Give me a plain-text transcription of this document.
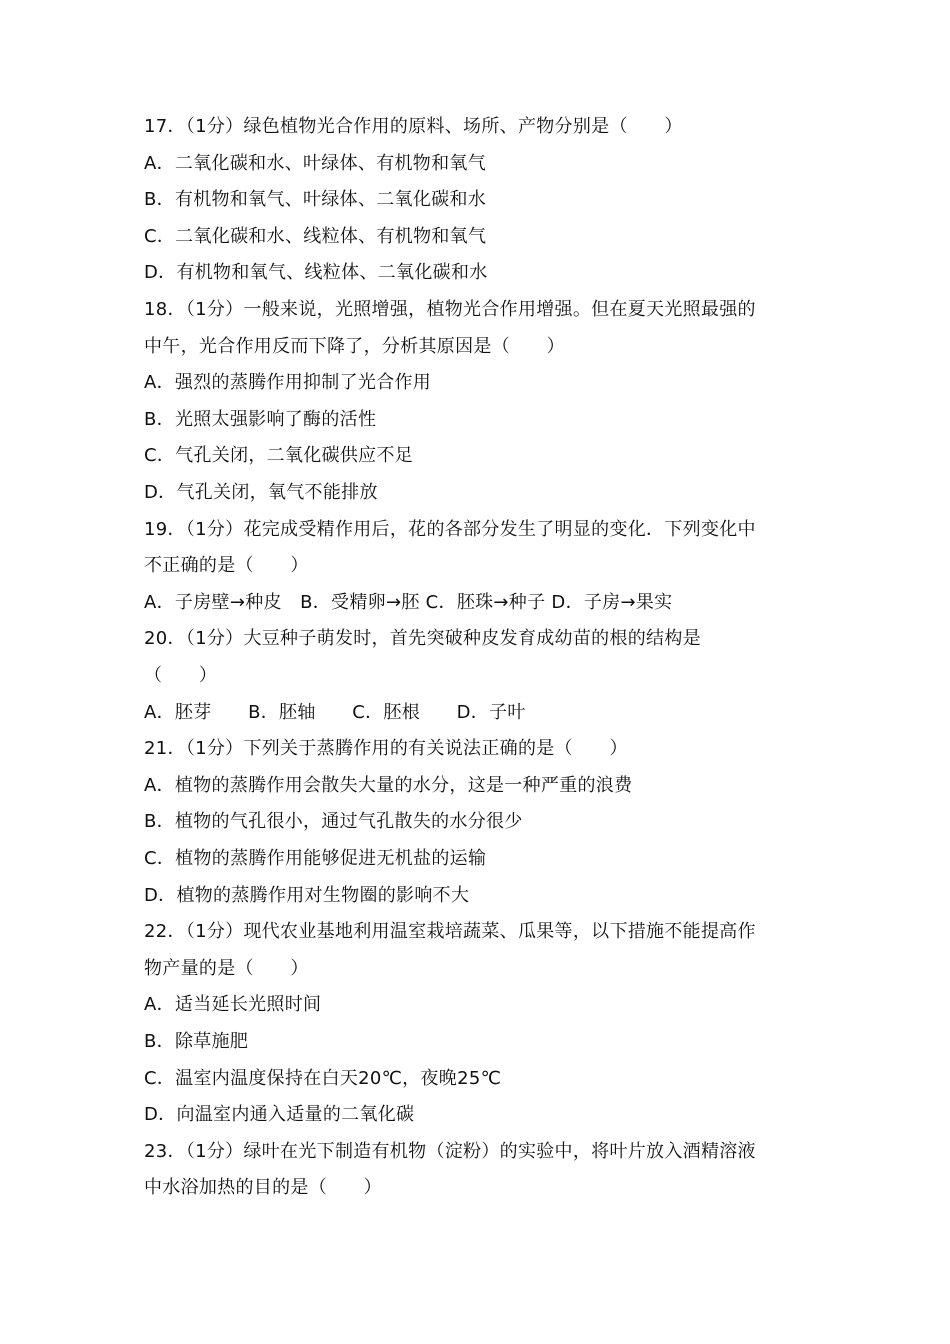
17．（1分）绿色植物光合作用的原料、场所、产物分别是（　　）
A．二氧化碳和水、叶绿体、有机物和氧气
B．有机物和氧气、叶绿体、二氧化碳和水
C．二氧化碳和水、线粒体、有机物和氧气
D．有机物和氧气、线粒体、二氧化碳和水
18．（1分）一般来说，光照增强，植物光合作用增强。但在夏天光照最强的
中午，光合作用反而下降了，分析其原因是（　　）
A．强烈的蒸腾作用抑制了光合作用
B．光照太强影响了酶的活性
C．气孔关闭，二氧化碳供应不足
D．气孔关闭，氧气不能排放
19．（1分）花完成受精作用后，花的各部分发生了明显的变化．下列变化中
不正确的是（　　）
A．子房壁→种皮　B．受精卵→胚 C．胚珠→种子 D．子房→果实
20．（1分）大豆种子萌发时，首先突破种皮发育成幼苗的根的结构是
（　　）
A．胚芽　　B．胚轴　　C．胚根　　D．子叶
21．（1分）下列关于蒸腾作用的有关说法正确的是（　　）
A．植物的蒸腾作用会散失大量的水分，这是一种严重的浪费
B．植物的气孔很小，通过气孔散失的水分很少
C．植物的蒸腾作用能够促进无机盐的运输
D．植物的蒸腾作用对生物圈的影响不大
22．（1分）现代农业基地利用温室栽培蔬菜、瓜果等，以下措施不能提高作
物产量的是（　　）
A．适当延长光照时间
B．除草施肥
C．温室内温度保持在白天20℃，夜晚25℃
D．向温室内通入适量的二氧化碳
23．（1分）绿叶在光下制造有机物（淀粉）的实验中，将叶片放入酒精溶液
中水浴加热的目的是（　　）
